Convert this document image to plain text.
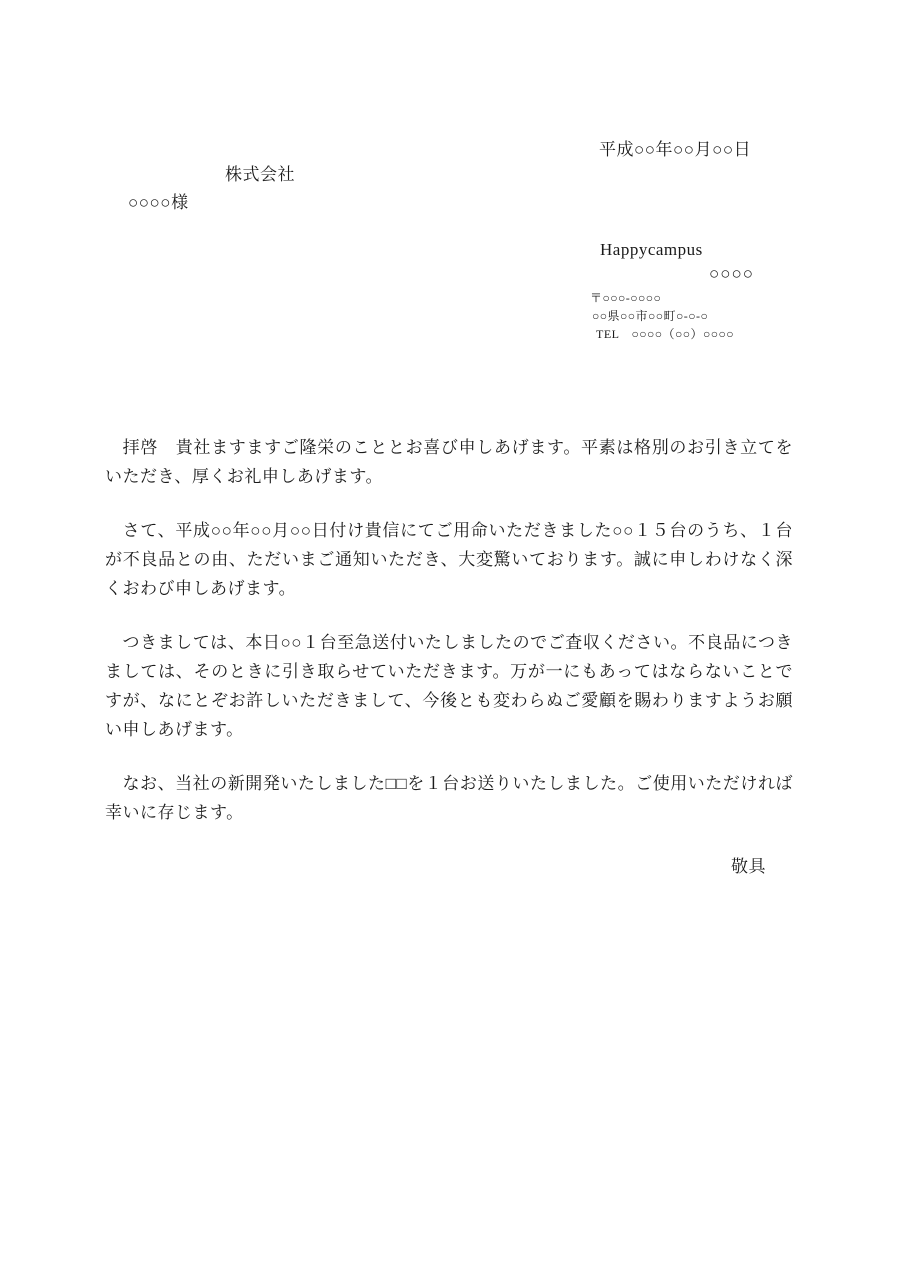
平成○○年○○月○○日
株式会社
○○○○様
Happycampus
○○○○
〒○○○-○○○○
○○県○○市○○町○-○-○
TEL　○○○○（○○）○○○○

　拝啓　貴社ますますご隆栄のこととお喜び申しあげます。平素は格別のお引き立てをいただき、厚くお礼申しあげます。

　さて、平成○○年○○月○○日付け貴信にてご用命いただきました○○１５台のうち、１台が不良品との由、ただいまご通知いただき、大変驚いております。誠に申しわけなく深くおわび申しあげます。

　つきましては、本日○○１台至急送付いたしましたのでご査収ください。不良品につきましては、そのときに引き取らせていただきます。万が一にもあってはならないことですが、なにとぞお許しいただきまして、今後とも変わらぬご愛顧を賜わりますようお願い申しあげます。

　なお、当社の新開発いたしました□□を１台お送りいたしました。ご使用いただければ幸いに存じます。

敬具
